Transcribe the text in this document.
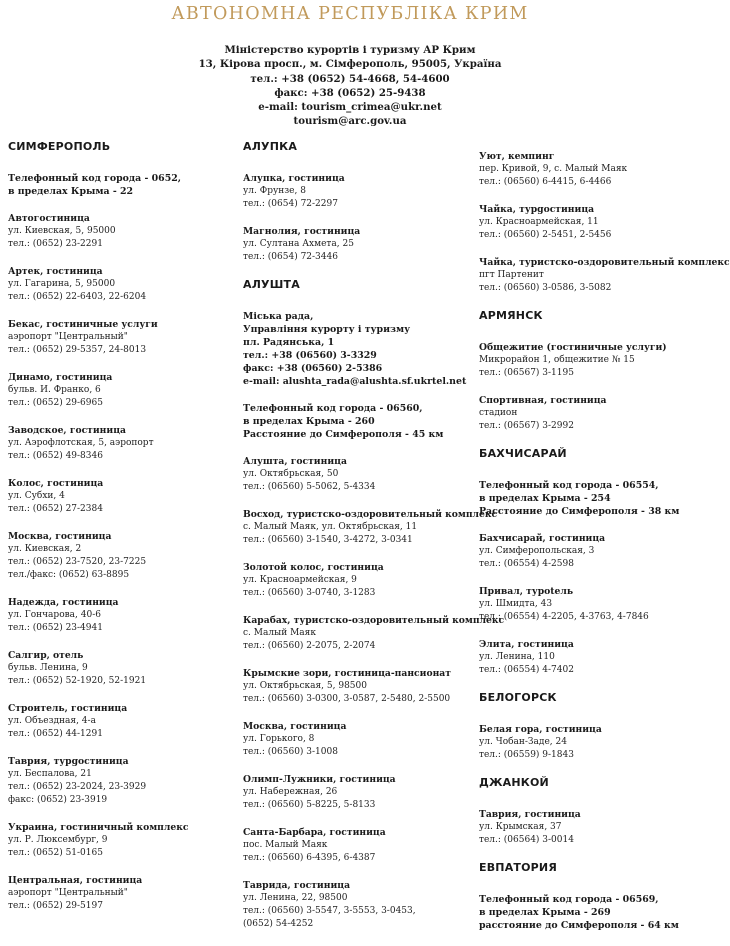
АВТОНОМНА РЕСПУБЛІКА КРИМ
Міністерство курортів і туризму АР Крим
13, Кірова просп., м. Сімферополь, 95005, Україна
тел.: +38 (0652) 54-4668, 54-4600
факс: +38 (0652) 25-9438
e-mail: tourism_crimea@ukr.net
tourism@arc.gov.ua
СИМФЕРОПОЛЬ
Телефонный код города - 0652,
в пределах Крыма - 22
Автогостиница
ул. Киевская, 5, 95000
тел.: (0652) 23-2291
Артек, гостиница
ул. Гагарина, 5, 95000
тел.: (0652) 22-6403, 22-6204
Бекас, гостиничные услуги
аэропорт "Центральный"
тел.: (0652) 29-5357, 24-8013
Динамо, гостиница
бульв. И. Франко, 6
тел.: (0652) 29-6965
Заводское, гостиница
ул. Аэрофлотская, 5, аэропорт
тел.: (0652) 49-8346
Колос, гостиница
ул. Субхи, 4
тел.: (0652) 27-2384
Москва, гостиница
ул. Киевская, 2
тел.: (0652) 23-7520, 23-7225
тел./факс: (0652) 63-8895
Надежда, гостиница
ул. Гончарова, 40-6
тел.: (0652) 23-4941
Салгир, отель
бульв. Ленина, 9
тел.: (0652) 52-1920, 52-1921
Строитель, гостиница
ул. Объездная, 4-а
тел.: (0652) 44-1291
Таврия, турgостиница
ул. Беспалова, 21
тел.: (0652) 23-2024, 23-3929
факс: (0652) 23-3919
Украина, гостиничный комплекс
ул. Р. Люксембург, 9
тел.: (0652) 51-0165
Центральная, гостиница
аэропорт "Центральный"
тел.: (0652) 29-5197
АЛУПКА
Алупка, гостиница
ул. Фрунзе, 8
тел.: (0654) 72-2297
Магнолия, гостиница
ул. Султана Ахмета, 25
тел.: (0654) 72-3446
АЛУШТА
Міська рада,
Управління курорту і туризму
пл. Радянська, 1
тел.: +38 (06560) 3-3329
факс: +38 (06560) 2-5386
e-mail: alushta_rada@alushta.sf.ukrtel.net
Телефонный код города - 06560,
в пределах Крыма - 260
Расстояние до Симферополя - 45 км
Алушта, гостиница
ул. Октябрьская, 50
тел.: (06560) 5-5062, 5-4334
Восход, туристско-оздоровительный комплекс
с. Малый Маяк, ул. Октябрьская, 11
тел.: (06560) 3-1540, 3-4272, 3-0341
Золотой колос, гостиница
ул. Красноармейская, 9
тел.: (06560) 3-0740, 3-1283
Карабах, туристско-оздоровительный комплекс
с. Малый Маяк
тел.: (06560) 2-2075, 2-2074
Крымские зори, гостиница-пансионат
ул. Октябрьская, 5, 98500
тел.: (06560) 3-0300, 3-0587, 2-5480, 2-5500
Москва, гостиница
ул. Горького, 8
тел.: (06560) 3-1008
Олимп-Лужники, гостиница
ул. Набережная, 26
тел.: (06560) 5-8225, 5-8133
Санта-Барбара, гостиница
пос. Малый Маяк
тел.: (06560) 6-4395, 6-4387
Таврида, гостиница
ул. Ленина, 22, 98500
тел.: (06560) 3-5547, 3-5553, 3-0453,
(0652) 54-4252
Уют, кемпинг
пер. Кривой, 9, с. Малый Маяк
тел.: (06560) 6-4415, 6-4466
Чайка, турgостиница
ул. Красноармейская, 11
тел.: (06560) 2-5451, 2-5456
Чайка, туристско-оздоровительный комплекс
пгт Партенит
тел.: (06560) 3-0586, 3-5082
АРМЯНСК
Общежитие (гостиничные услуги)
Микрорайон 1, общежитие № 15
тел.: (06567) 3-1195
Спортивная, гостиница
стадион
тел.: (06567) 3-2992
БАХЧИСАРАЙ
Телефонный код города - 06554,
в пределах Крыма - 254
Расстояние до Симферополя - 38 км
Бахчисарай, гостиница
ул. Симферопольская, 3
тел.: (06554) 4-2598
Привал, турotель
ул. Шмидта, 43
тел.: (06554) 4-2205, 4-3763, 4-7846
Элита, гостиница
ул. Ленина, 110
тел.: (06554) 4-7402
БЕЛОГОРСК
Белая гора, гостиница
ул. Чобан-Заде, 24
тел.: (06559) 9-1843
ДЖАНКОЙ
Таврия, гостиница
ул. Крымская, 37
тел.: (06564) 3-0014
ЕВПАТОРИЯ
Телефонный код города - 06569,
в пределах Крыма - 269
расстояние до Симферополя - 64 км
